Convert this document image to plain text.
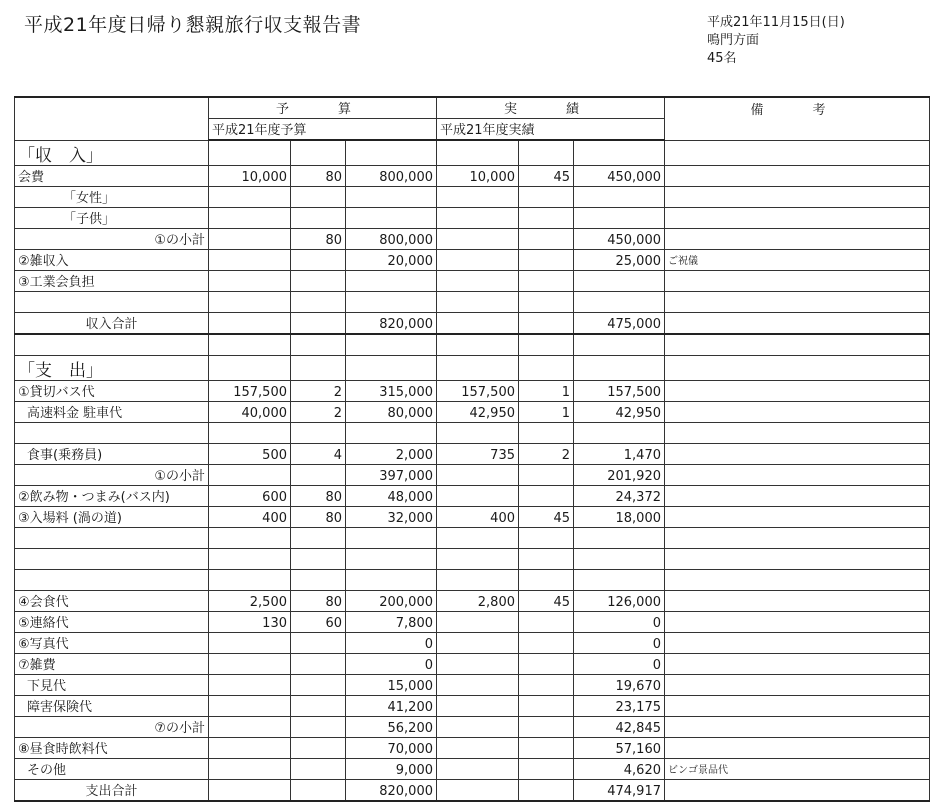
平成21年度日帰り懇親旅行収支報告書	平成21年11月15日(日)
鳴門方面
45名
	予　算			実　績			備　考
	平成21年度予算			平成21年度実績			
「収　入」							
会費	10,000	80	800,000	10,000	45	450,000	
「女性」							
「子供」							
①の小計		80	800,000			450,000	
②雑収入			20,000			25,000	ご祝儀
③工業会負担							

収入合計			820,000			475,000	

「支　出」							
①貸切バス代	157,500	2	315,000	157,500	1	157,500	
高速料金 駐車代	40,000	2	80,000	42,950	1	42,950	

食事(乗務員)	500	4	2,000	735	2	1,470	
①の小計			397,000			201,920	
②飲み物・つまみ(バス内)	600	80	48,000			24,372	
③入場料 (渦の道)	400	80	32,000	400	45	18,000	

④会食代	2,500	80	200,000	2,800	45	126,000	
⑤連絡代	130	60	7,800			0	
⑥写真代			0			0	
⑦雑費			0			0	
下見代			15,000			19,670	
障害保険代			41,200			23,175	
⑦の小計			56,200			42,845	
⑧昼食時飲料代			70,000			57,160	
その他			9,000			4,620	ビンゴ景品代
支出合計			820,000			474,917	
